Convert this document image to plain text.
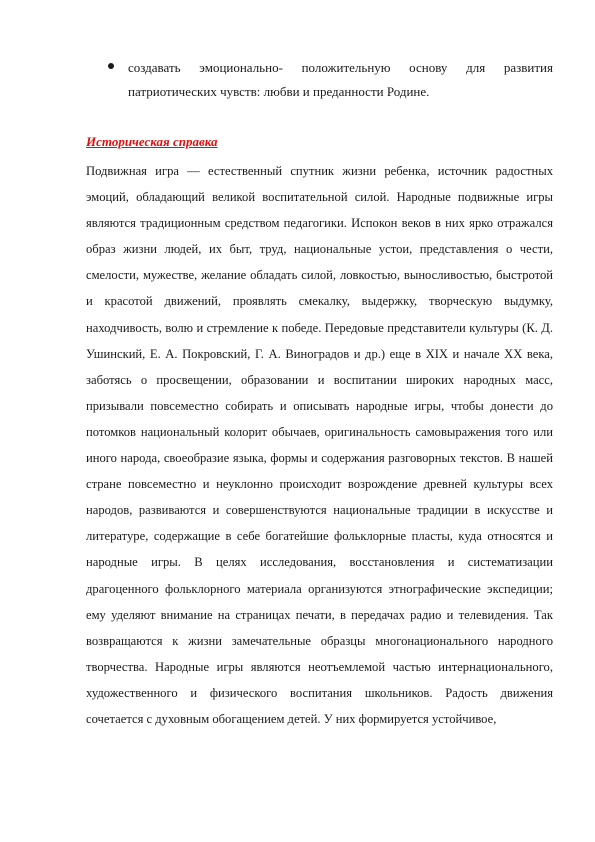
создавать эмоционально- положительную основу для развития патриотических чувств: любви и преданности Родине.
Историческая справка

Подвижная игра — естественный спутник жизни ребенка, источник радостных эмоций, обладающий великой воспитательной силой. Народные подвижные игры являются традиционным средством педагогики. Испокон веков в них ярко отражался образ жизни людей, их быт, труд, национальные устои, представления о чести, смелости, мужестве, желание обладать силой, ловкостью, выносливостью, быстротой и красотой движений, проявлять смекалку, выдержку, творческую выдумку, находчивость, волю и стремление к победе. Передовые представители культуры (К. Д. Ушинский, Е. А. Покровский, Г. А. Виноградов и др.) еще в XIX и начале XX века, заботясь о просвещении, образовании и воспитании широких народных масс, призывали повсеместно собирать и описывать народные игры, чтобы донести до потомков национальный колорит обычаев, оригинальность самовыражения того или иного народа, своеобразие языка, формы и содержания разговорных текстов. В нашей стране повсеместно и неуклонно происходит возрождение древней культуры всех народов, развиваются и совершенствуются национальные традиции в искусстве и литературе, содержащие в себе богатейшие фольклорные пласты, куда относятся и народные игры. В целях исследования, восстановления и систематизации драгоценного фольклорного материала организуются этнографические экспедиции; ему уделяют внимание на страницах печати, в передачах радио и телевидения. Так возвращаются к жизни замечательные образцы многонационального народного творчества. Народные игры являются неотъемлемой частью интернационального, художественного и физического воспитания школьников. Радость движения сочетается с духовным обогащением детей. У них формируется устойчивое,
